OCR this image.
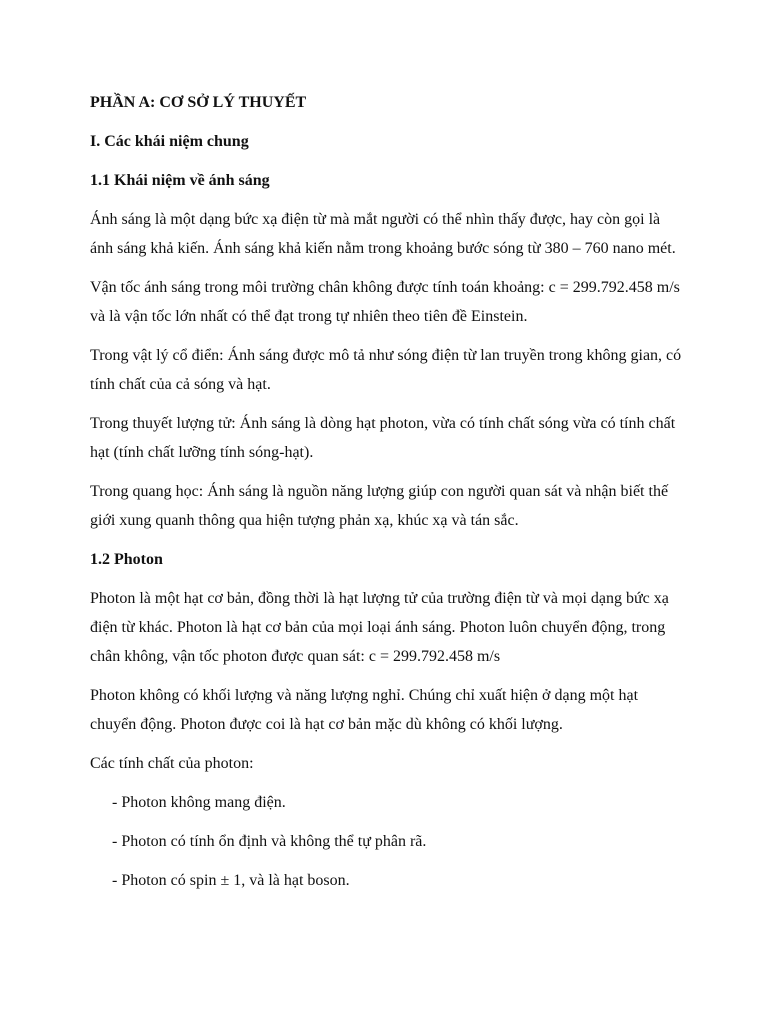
PHẦN A: CƠ SỞ LÝ THUYẾT
I. Các khái niệm chung
1.1 Khái niệm về ánh sáng
Ánh sáng là một dạng bức xạ điện từ mà mắt người có thể nhìn thấy được, hay còn gọi là ánh sáng khả kiến. Ánh sáng khả kiến nằm trong khoảng bước sóng từ 380 – 760 nano mét.
Vận tốc ánh sáng trong môi trường chân không được tính toán khoảng: c = 299.792.458 m/s và là vận tốc lớn nhất có thể đạt trong tự nhiên theo tiên đề Einstein.
Trong vật lý cổ điển: Ánh sáng được mô tả như sóng điện từ lan truyền trong không gian, có tính chất của cả sóng và hạt.
Trong thuyết lượng tử: Ánh sáng là dòng hạt photon, vừa có tính chất sóng vừa có tính chất hạt (tính chất lưỡng tính sóng-hạt).
Trong quang học: Ánh sáng là nguồn năng lượng giúp con người quan sát và nhận biết thế giới xung quanh thông qua hiện tượng phản xạ, khúc xạ và tán sắc.
1.2 Photon
Photon là một hạt cơ bản, đồng thời là hạt lượng tử của trường điện từ và mọi dạng bức xạ điện từ khác. Photon là hạt cơ bản của mọi loại ánh sáng. Photon luôn chuyển động, trong chân không, vận tốc photon được quan sát: c = 299.792.458 m/s
Photon không có khối lượng và năng lượng nghỉ. Chúng chỉ xuất hiện ở dạng một hạt chuyển động. Photon được coi là hạt cơ bản mặc dù không có khối lượng.
Các tính chất của photon:
- Photon không mang điện.
- Photon có tính ổn định và không thể tự phân rã.
- Photon có spin ± 1, và là hạt boson.
